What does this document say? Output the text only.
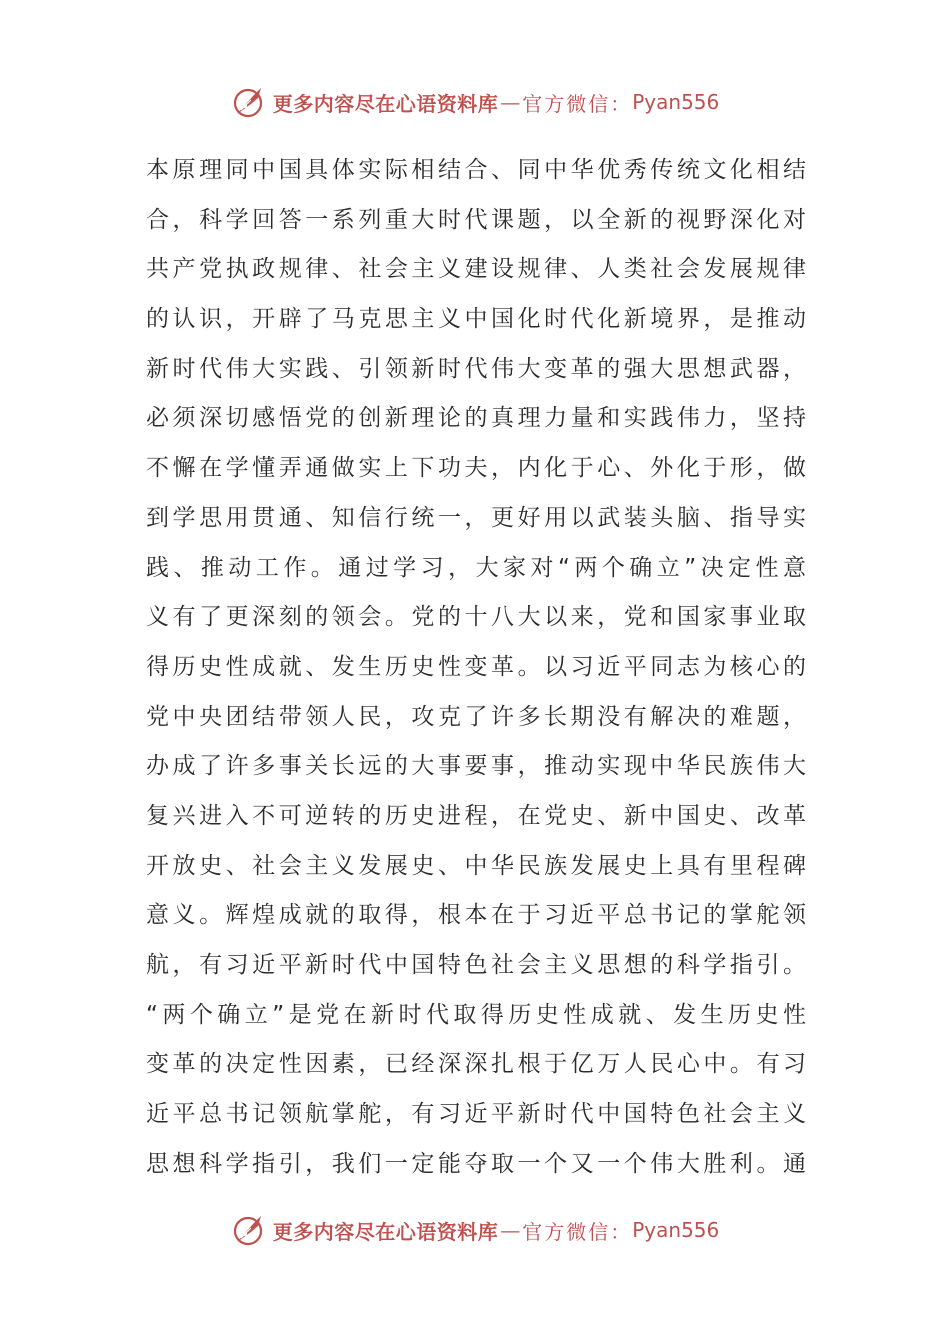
更多内容尽在心语资料库 — 官方微信： Pyan556
本原理同中国具体实际相结合、同中华优秀传统文化相结
合，科学回答一系列重大时代课题，以全新的视野深化对
共产党执政规律、社会主义建设规律、人类社会发展规律
的认识，开辟了马克思主义中国化时代化新境界，是推动
新时代伟大实践、引领新时代伟大变革的强大思想武器，
必须深切感悟党的创新理论的真理力量和实践伟力，坚持
不懈在学懂弄通做实上下功夫，内化于心、外化于形，做
到学思用贯通、知信行统一，更好用以武装头脑、指导实
践、推动工作。通过学习，大家对“两个确立”决定性意
义有了更深刻的领会。党的十八大以来，党和国家事业取
得历史性成就、发生历史性变革。以习近平同志为核心的
党中央团结带领人民，攻克了许多长期没有解决的难题，
办成了许多事关长远的大事要事，推动实现中华民族伟大
复兴进入不可逆转的历史进程，在党史、新中国史、改革
开放史、社会主义发展史、中华民族发展史上具有里程碑
意义。辉煌成就的取得，根本在于习近平总书记的掌舵领
航，有习近平新时代中国特色社会主义思想的科学指引。
“两个确立”是党在新时代取得历史性成就、发生历史性
变革的决定性因素，已经深深扎根于亿万人民心中。有习
近平总书记领航掌舵，有习近平新时代中国特色社会主义
思想科学指引，我们一定能夺取一个又一个伟大胜利。通
更多内容尽在心语资料库 — 官方微信： Pyan556
